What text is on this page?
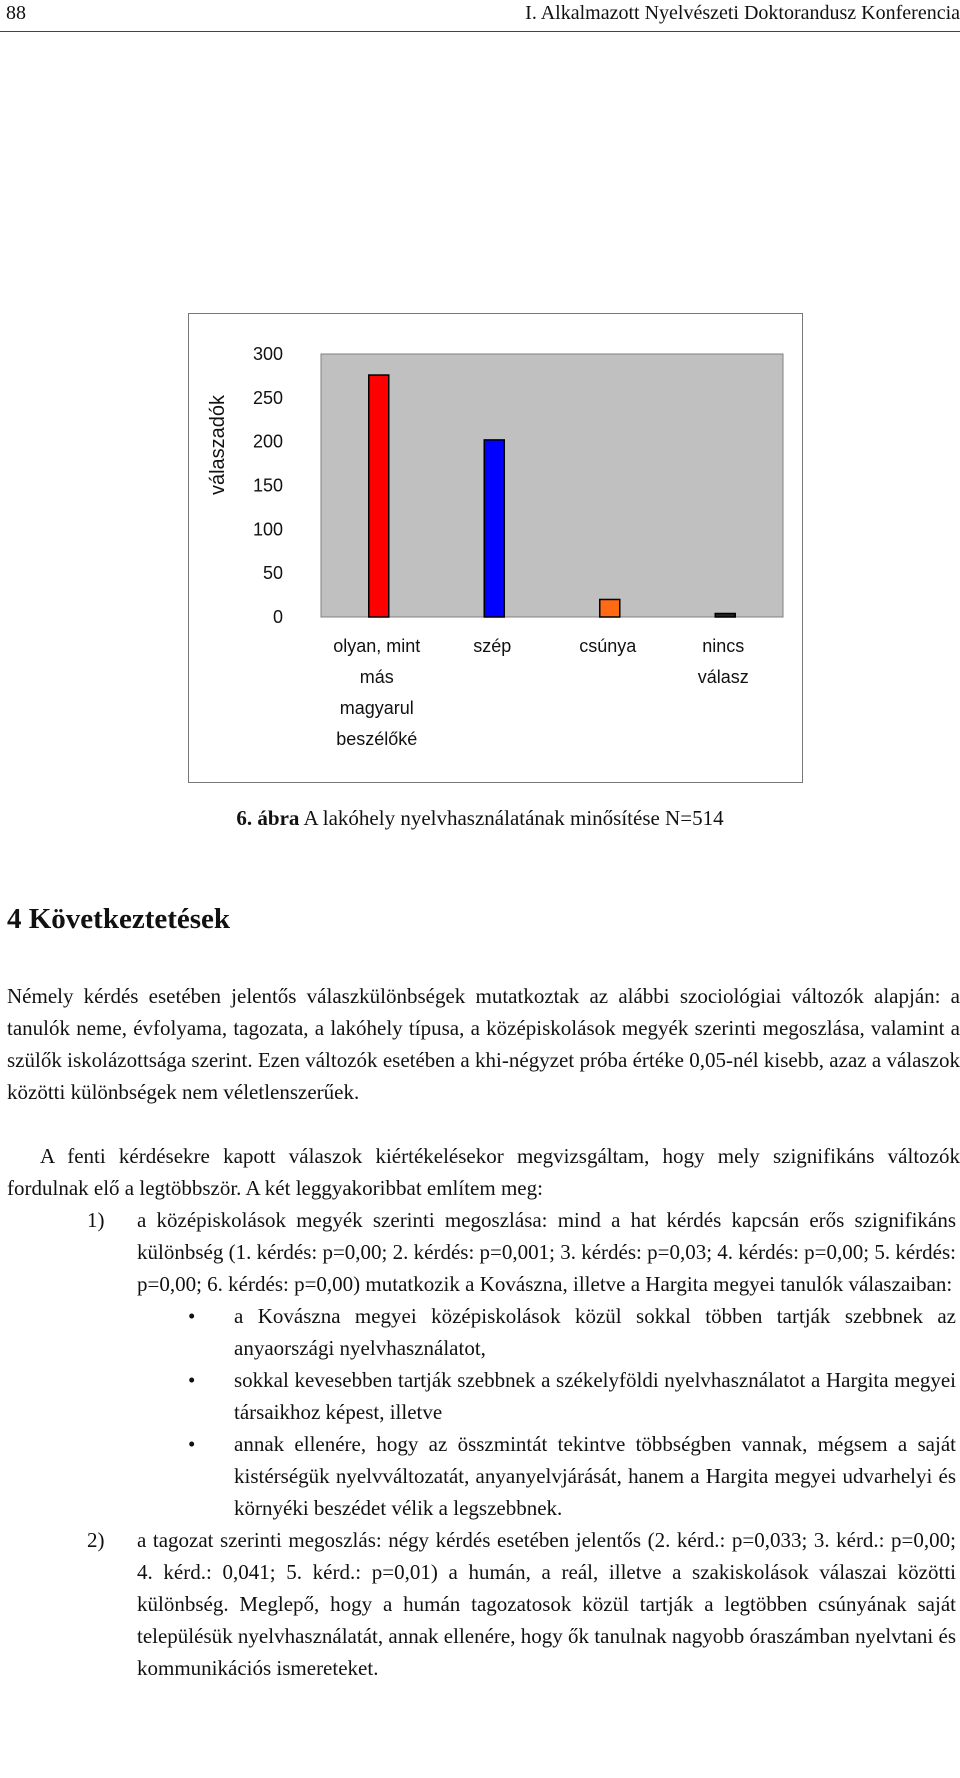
88	I. Alkalmazott Nyelvészeti Doktorandusz Konferencia
300
250
200
150
100
50
0
olyan, mint
más
magyarul
beszélőké
szép	csúnya	nincs
válasz
válaszadók
6. ábra A lakóhely nyelvhasználatának minősítése N=514
4 Következtetések

Némely kérdés esetében jelentős válaszkülönbségek mutatkoztak az alábbi szociológiai változók alapján: a tanulók neme, évfolyama, tagozata, a lakóhely típusa, a középiskolások megyék szerinti megoszlása, valamint a szülők iskolázottsága szerint. Ezen változók esetében a khi-négyzet próba értéke 0,05-nél kisebb, azaz a válaszok közötti különbségek nem véletlenszerűek.

A fenti kérdésekre kapott válaszok kiértékelésekor megvizsgáltam, hogy mely szignifikáns változók fordulnak elő a legtöbbször. A két leggyakoribbat említem meg:

1) a középiskolások megyék szerinti megoszlása: mind a hat kérdés kapcsán erős szignifikáns különbség (1. kérdés: p=0,00; 2. kérdés: p=0,001; 3. kérdés: p=0,03; 4. kérdés: p=0,00; 5. kérdés: p=0,00; 6. kérdés: p=0,00) mutatkozik a Kovászna, illetve a Hargita megyei tanulók válaszaiban:
• a Kovászna megyei középiskolások közül sokkal többen tartják szebbnek az anyaországi nyelvhasználatot,
• sokkal kevesebben tartják szebbnek a székelyföldi nyelvhasználatot a Hargita megyei társaikhoz képest, illetve
• annak ellenére, hogy az összmintát tekintve többségben vannak, mégsem a saját kistérségük nyelvváltozatát, anyanyelvjárását, hanem a Hargita megyei udvarhelyi és környéki beszédet vélik a legszebbnek.
2) a tagozat szerinti megoszlás: négy kérdés esetében jelentős (2. kérd.: p=0,033; 3. kérd.: p=0,00; 4. kérd.: 0,041; 5. kérd.: p=0,01) a humán, a reál, illetve a szakiskolások válaszai közötti különbség. Meglepő, hogy a humán tagozatosok közül tartják a legtöbben csúnyának saját településük nyelvhasználatát, annak ellenére, hogy ők tanulnak nagyobb óraszámban nyelvtani és kommunikációs ismereteket.
